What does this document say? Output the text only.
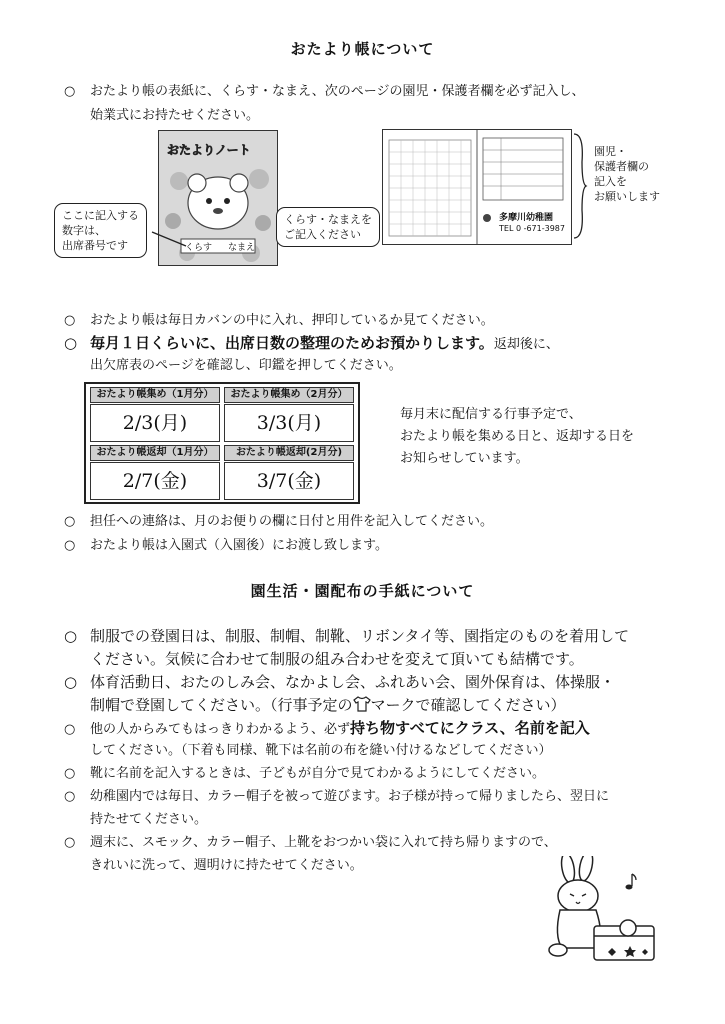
おたより帳について
○ おたより帳の表紙に、くらす・なまえ、次のページの園児・保護者欄を必ず記入し、
始業式にお持たせください。
おたよりノート
くらす なまえ
ここに記入する
数字は、
出席番号です
くらす・なまえを
ご記入ください
多摩川幼稚園
TEL 0 -671-3987
園児・
保護者欄の
記入を
お願いします
○ おたより帳は毎日カバンの中に入れ、押印しているか見てください。
○ 毎月１日くらいに、出席日数の整理のためお預かりします。返却後に、
出欠席表のページを確認し、印鑑を押してください。
おたより帳集め（1月分）	おたより帳集め（2月分）
2/3(月)	3/3(月)
おたより帳返却（1月分）	おたより帳返却(2月分)
2/7(金)	3/7(金)
毎月末に配信する行事予定で、
おたより帳を集める日と、返却する日を
お知らせしています。
○ 担任への連絡は、月のお便りの欄に日付と用件を記入してください。
○ おたより帳は入園式（入園後）にお渡し致します。
園生活・園配布の手紙について
○ 制服での登園日は、制服、制帽、制靴、リボンタイ等、園指定のものを着用して
ください。気候に合わせて制服の組み合わせを変えて頂いても結構です。
○ 体育活動日、おたのしみ会、なかよし会、ふれあい会、園外保育は、体操服・
制帽で登園してください。（行事予定の マークで確認してください）
○ 他の人からみてもはっきりわかるよう、必ず持ち物すべてにクラス、名前を記入
してください。（下着も同様、靴下は名前の布を縫い付けるなどしてください）
○ 靴に名前を記入するときは、子どもが自分で見てわかるようにしてください。
○ 幼稚園内では毎日、カラー帽子を被って遊びます。お子様が持って帰りましたら、翌日に
持たせてください。
○ 週末に、スモック、カラー帽子、上靴をおつかい袋に入れて持ち帰りますので、
きれいに洗って、週明けに持たせてください。
